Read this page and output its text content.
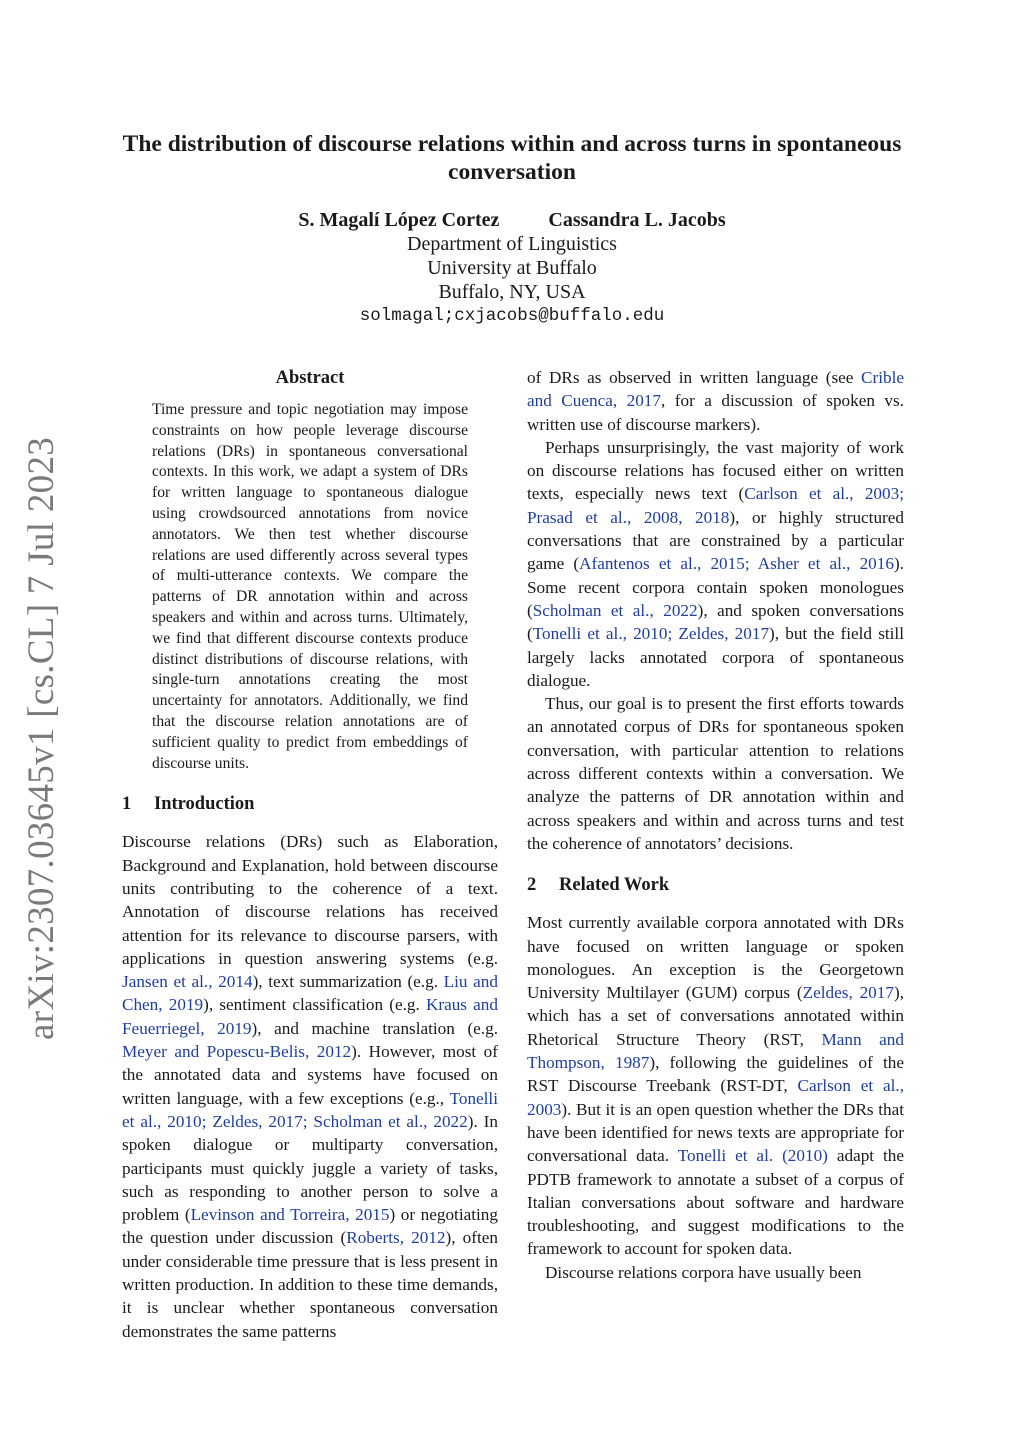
arXiv:2307.03645v1 [cs.CL] 7 Jul 2023
The distribution of discourse relations within and across turns in spontaneous conversation
S. Magalí López Cortez Cassandra L. Jacobs
Department of Linguistics
University at Buffalo
Buffalo, NY, USA
solmagal;cxjacobs@buffalo.edu
Abstract
Time pressure and topic negotiation may impose constraints on how people leverage discourse relations (DRs) in spontaneous conversational contexts. In this work, we adapt a system of DRs for written language to spontaneous dialogue using crowdsourced annotations from novice annotators. We then test whether discourse relations are used differently across several types of multi-utterance contexts. We compare the patterns of DR annotation within and across speakers and within and across turns. Ultimately, we find that different discourse contexts produce distinct distributions of discourse relations, with single-turn annotations creating the most uncertainty for annotators. Additionally, we find that the discourse relation annotations are of sufficient quality to predict from embeddings of discourse units.
1 Introduction

Discourse relations (DRs) such as Elaboration, Background and Explanation, hold between discourse units contributing to the coherence of a text. Annotation of discourse relations has received attention for its relevance to discourse parsers, with applications in question answering systems (e.g. Jansen et al., 2014), text summarization (e.g. Liu and Chen, 2019), sentiment classification (e.g. Kraus and Feuerriegel, 2019), and machine translation (e.g. Meyer and Popescu-Belis, 2012). However, most of the annotated data and systems have focused on written language, with a few exceptions (e.g., Tonelli et al., 2010; Zeldes, 2017; Scholman et al., 2022). In spoken dialogue or multiparty conversation, participants must quickly juggle a variety of tasks, such as responding to another person to solve a problem (Levinson and Torreira, 2015) or negotiating the question under discussion (Roberts, 2012), often under considerable time pressure that is less present in written production. In addition to these time demands, it is unclear whether spontaneous conversation demonstrates the same patterns

of DRs as observed in written language (see Crible and Cuenca, 2017, for a discussion of spoken vs. written use of discourse markers).

Perhaps unsurprisingly, the vast majority of work on discourse relations has focused either on written texts, especially news text (Carlson et al., 2003; Prasad et al., 2008, 2018), or highly structured conversations that are constrained by a particular game (Afantenos et al., 2015; Asher et al., 2016). Some recent corpora contain spoken monologues (Scholman et al., 2022), and spoken conversations (Tonelli et al., 2010; Zeldes, 2017), but the field still largely lacks annotated corpora of spontaneous dialogue.

Thus, our goal is to present the first efforts towards an annotated corpus of DRs for spontaneous spoken conversation, with particular attention to relations across different contexts within a conversation. We analyze the patterns of DR annotation within and across speakers and within and across turns and test the coherence of annotators’ decisions.

2 Related Work

Most currently available corpora annotated with DRs have focused on written language or spoken monologues. An exception is the Georgetown University Multilayer (GUM) corpus (Zeldes, 2017), which has a set of conversations annotated within Rhetorical Structure Theory (RST, Mann and Thompson, 1987), following the guidelines of the RST Discourse Treebank (RST-DT, Carlson et al., 2003). But it is an open question whether the DRs that have been identified for news texts are appropriate for conversational data. Tonelli et al. (2010) adapt the PDTB framework to annotate a subset of a corpus of Italian conversations about software and hardware troubleshooting, and suggest modifications to the framework to account for spoken data.

Discourse relations corpora have usually been
